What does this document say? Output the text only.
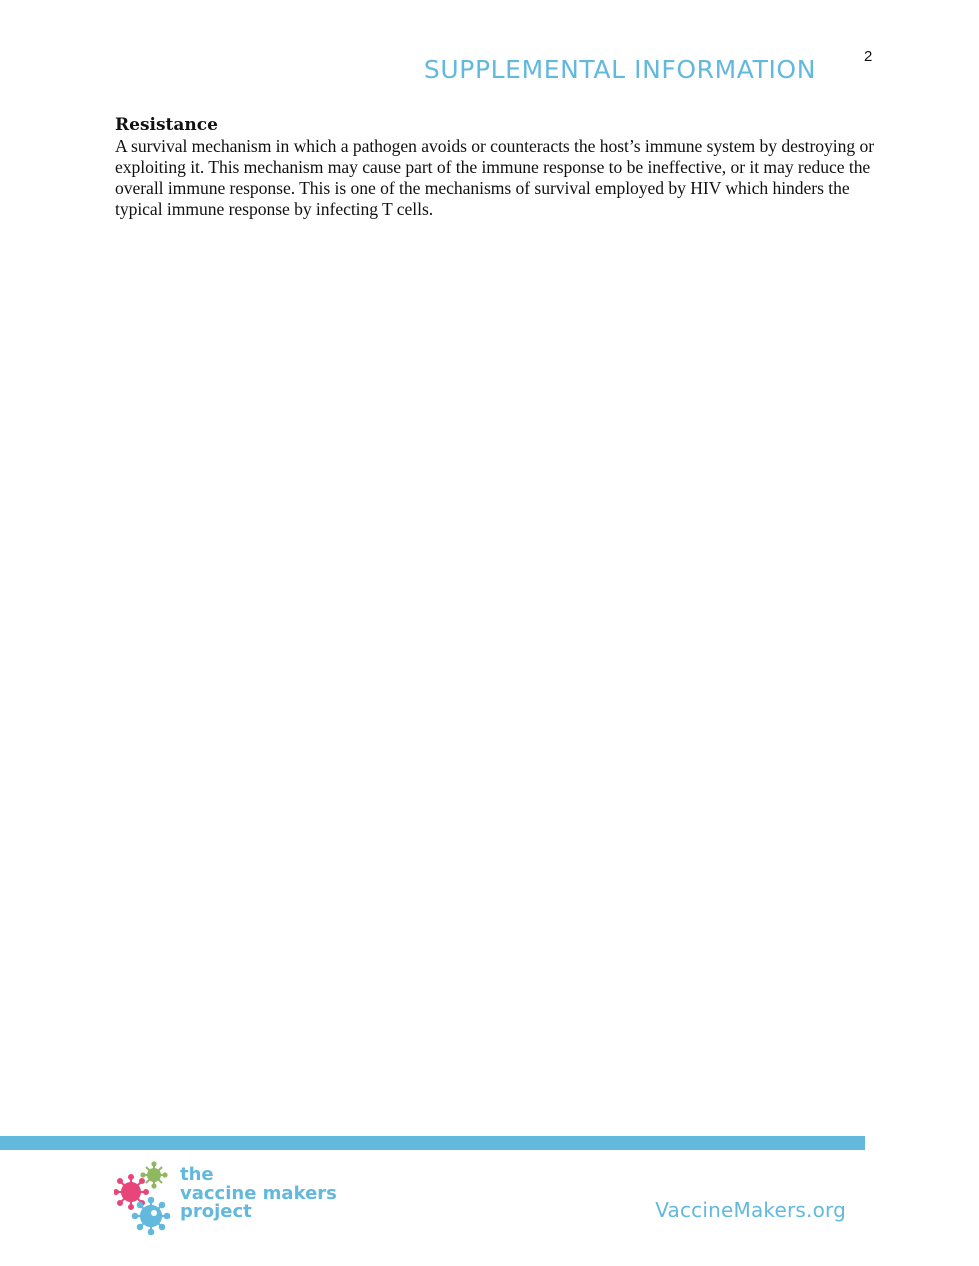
2
SUPPLEMENTAL INFORMATION
Resistance

A survival mechanism in which a pathogen avoids or counteracts the host’s immune system by destroying or exploiting it. This mechanism may cause part of the immune response to be ineffective, or it may reduce the overall immune response. This is one of the mechanisms of survival employed by HIV which hinders the typical immune response by infecting T cells.

the
vaccine makers
project	VaccineMakers.org
